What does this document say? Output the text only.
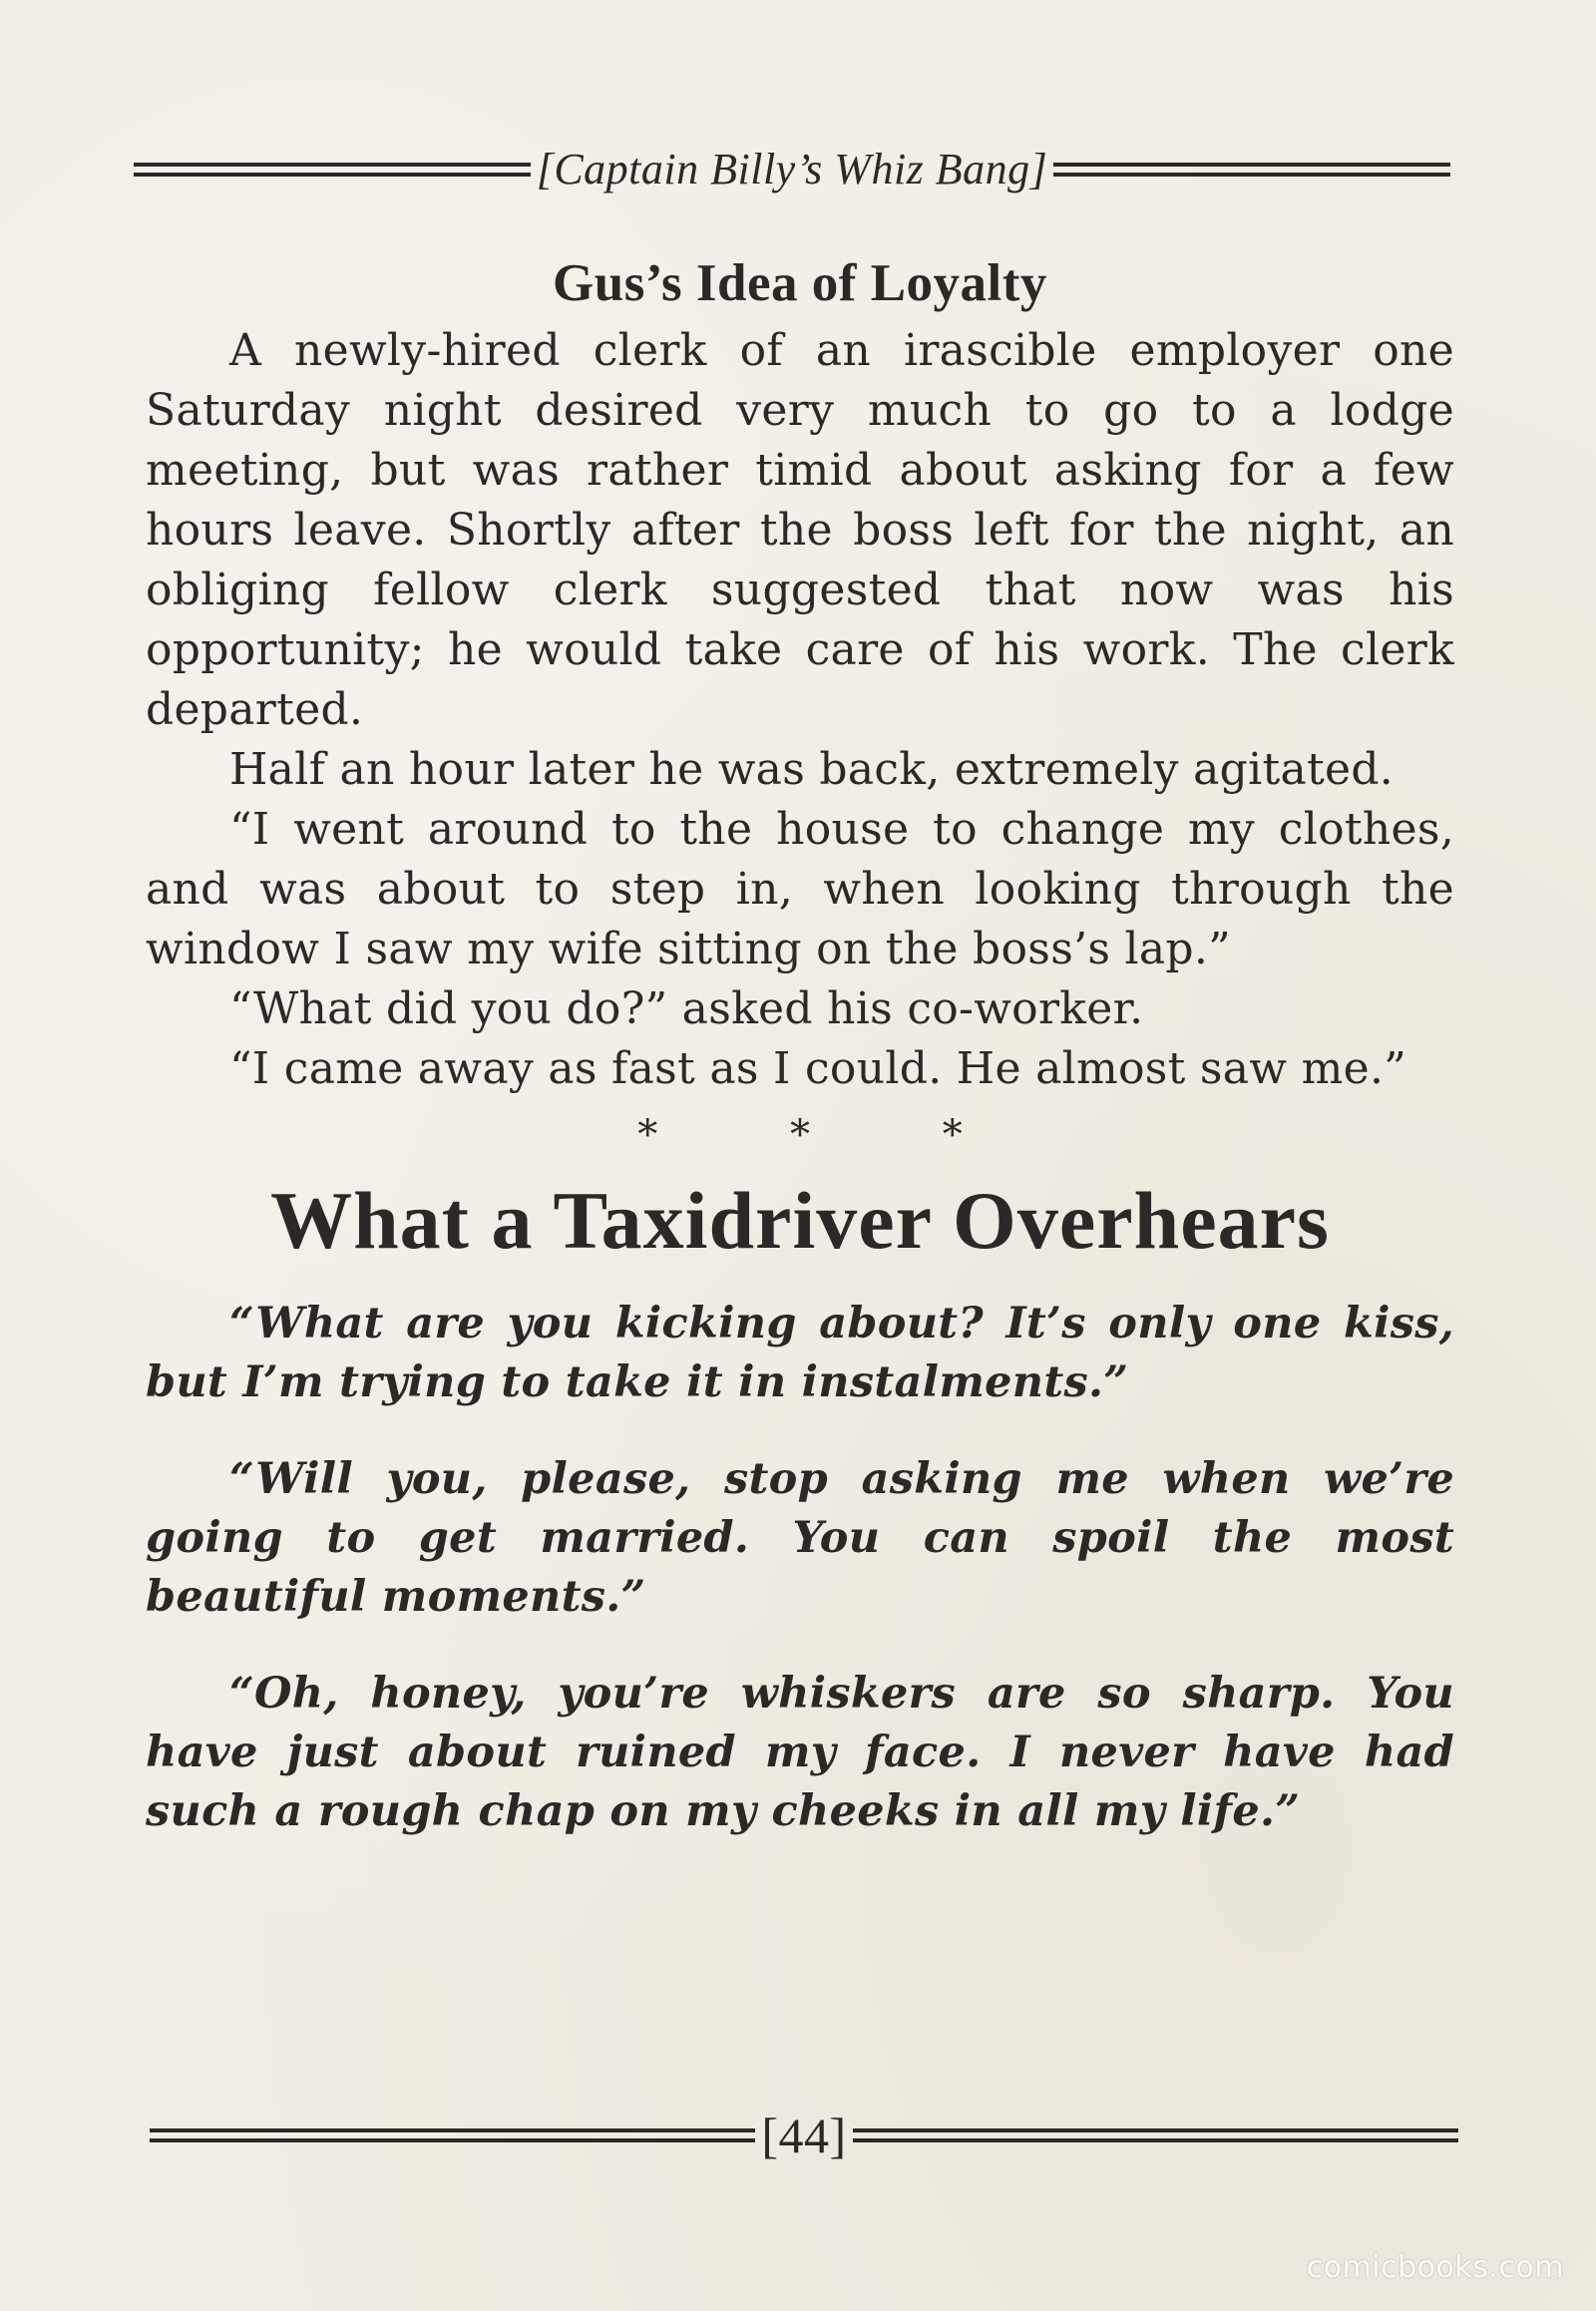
[Captain Billy’s Whiz Bang]
Gus’s Idea of Loyalty

A newly-hired clerk of an irascible employer one Saturday night desired very much to go to a lodge meeting, but was rather timid about asking for a few hours leave. Shortly after the boss left for the night, an obliging fellow clerk suggested that now was his opportunity; he would take care of his work. The clerk departed.

Half an hour later he was back, extremely agitated.

“I went around to the house to change my clothes, and was about to step in, when looking through the window I saw my wife sitting on the boss’s lap.”

“What did you do?” asked his co-worker.

“I came away as fast as I could. He almost saw me.”

* * *
What a Taxidriver Overhears

“What are you kicking about? It’s only one kiss, but I’m trying to take it in instalments.”

“Will you, please, stop asking me when we’re going to get married. You can spoil the most beautiful moments.”

“Oh, honey, you’re whiskers are so sharp. You have just about ruined my face. I never have had such a rough chap on my cheeks in all my life.”

[44]
comicbooks.com
